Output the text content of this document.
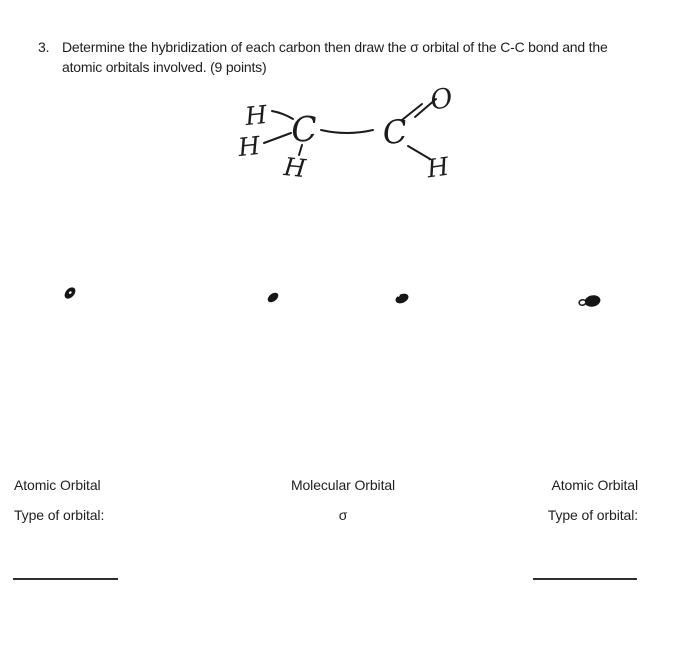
3. Determine the hybridization of each carbon then draw the σ orbital of the C-C bond and the
atomic orbitals involved. (9 points)
H
H
H
C C
O
H
Atomic Orbital	Molecular Orbital	Atomic Orbital
Type of orbital:	σ	Type of orbital:
